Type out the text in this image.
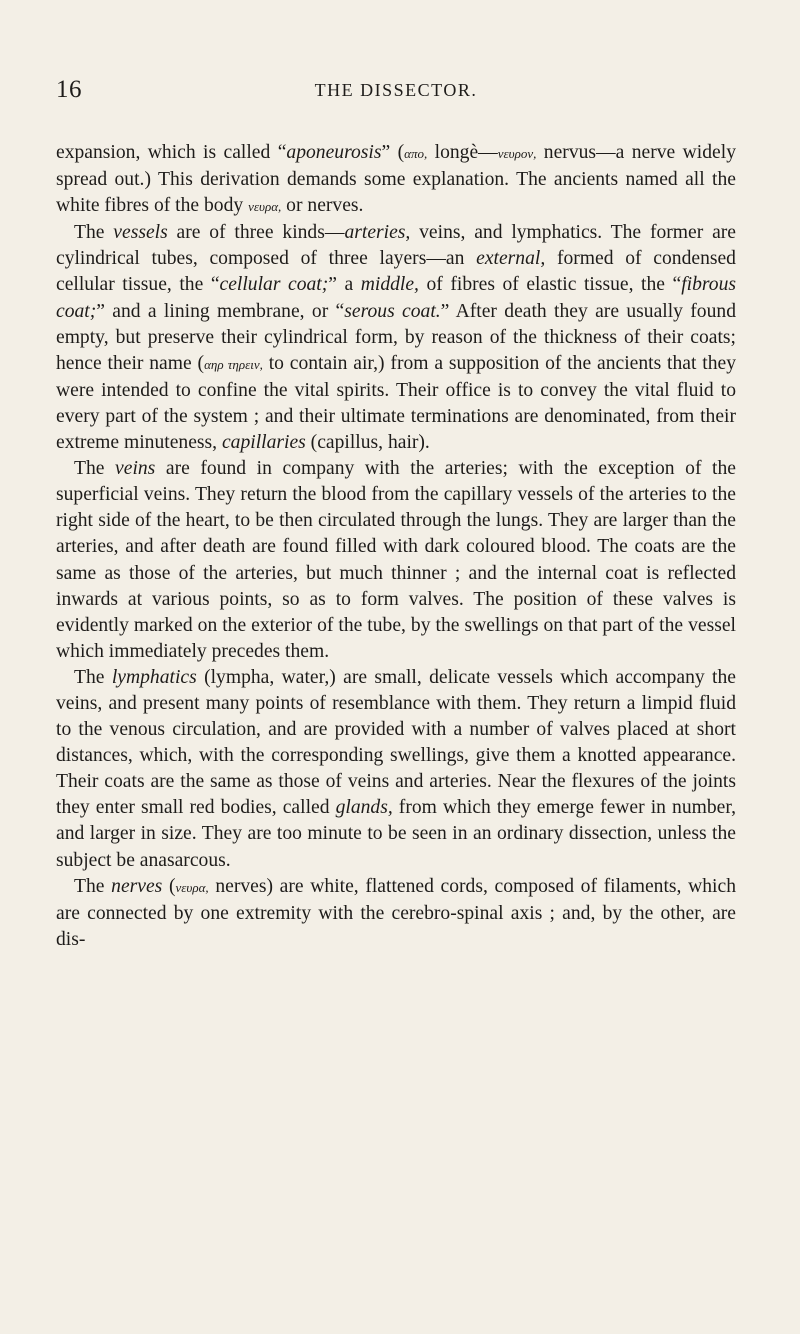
16	THE DISSECTOR.

expansion, which is called “aponeurosis” (απο, longè—νευρον, nervus—a nerve widely spread out.) This derivation demands some explanation. The ancients named all the white fibres of the body νευρα, or nerves.

The vessels are of three kinds—arteries, veins, and lymphatics. The former are cylindrical tubes, composed of three layers—an external, formed of condensed cellular tissue, the “cellular coat;” a middle, of fibres of elastic tissue, the “fibrous coat;” and a lining membrane, or “serous coat.” After death they are usually found empty, but preserve their cylindrical form, by reason of the thickness of their coats; hence their name (αηρ τηρειν, to contain air,) from a supposition of the ancients that they were intended to confine the vital spirits. Their office is to convey the vital fluid to every part of the system ; and their ultimate terminations are denominated, from their extreme minuteness, capillaries (capillus, hair).

The veins are found in company with the arteries; with the exception of the superficial veins. They return the blood from the capillary vessels of the arteries to the right side of the heart, to be then circulated through the lungs. They are larger than the arteries, and after death are found filled with dark coloured blood. The coats are the same as those of the arteries, but much thinner ; and the internal coat is reflected inwards at various points, so as to form valves. The position of these valves is evidently marked on the exterior of the tube, by the swellings on that part of the vessel which immediately precedes them.

The lymphatics (lympha, water,) are small, delicate vessels which accompany the veins, and present many points of resemblance with them. They return a limpid fluid to the venous circulation, and are provided with a number of valves placed at short distances, which, with the corresponding swellings, give them a knotted appearance. Their coats are the same as those of veins and arteries. Near the flexures of the joints they enter small red bodies, called glands, from which they emerge fewer in number, and larger in size. They are too minute to be seen in an ordinary dissection, unless the subject be anasarcous.

The nerves (νευρα, nerves) are white, flattened cords, composed of filaments, which are connected by one extremity with the cerebro-spinal axis ; and, by the other, are dis-
